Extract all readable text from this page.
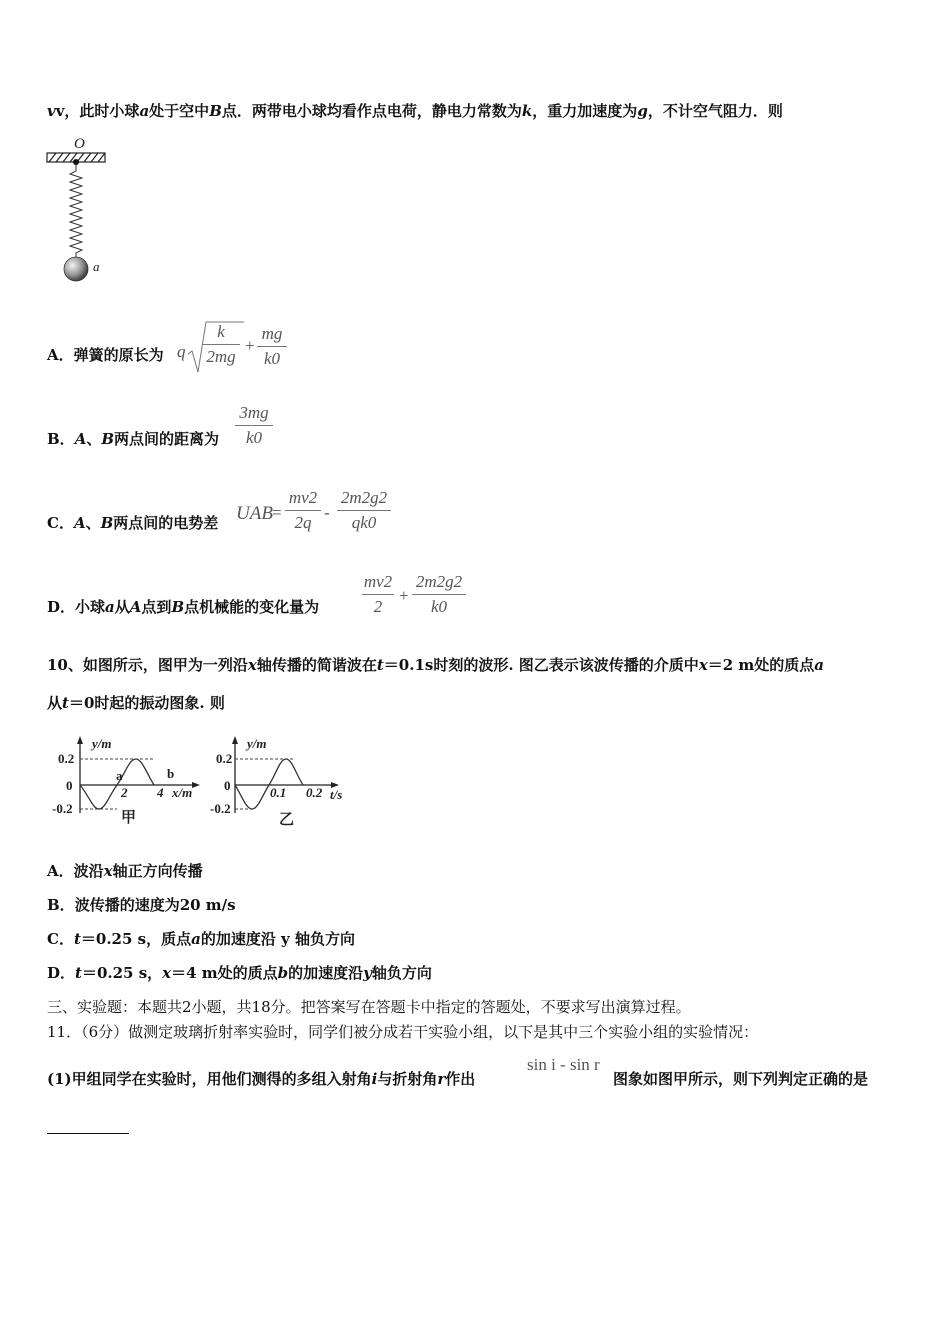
vv，此时小球a处于空中B点．两带电小球均看作点电荷，静电力常数为k，重力加速度为g，不计空气阻力．则
O
a
A．弹簧的原长为 q
k
2mg
+
mg
k0
B．A、B两点间的距离为
3mg
k0
C．A、B两点间的电势差 UAB =
mv2
2q
-
2m2g2
qk0
D．小球a从A点到B点机械能的变化量为
mv2
2
+
2m2g2
k0
10、如图所示，图甲为一列沿x轴传播的简谐波在t＝0.1s时刻的波形. 图乙表示该波传播的介质中x＝2 m处的质点a
从t＝0时起的振动图象. 则
y/m
0.2
0
-0.2
a	b
2 4 x/m
甲
y/m
0.2
0
-0.2
0.1 0.2 t/s
乙
A．波沿x轴正方向传播
B．波传播的速度为20 m/s
C．t＝0.25 s，质点a的加速度沿 y 轴负方向
D．t＝0.25 s，x＝4 m处的质点b的加速度沿y轴负方向
三、实验题：本题共2小题，共18分。把答案写在答题卡中指定的答题处，不要求写出演算过程。
11．（6分）做测定玻璃折射率实验时，同学们被分成若干实验小组，以下是其中三个实验小组的实验情况：
(1)甲组同学在实验时，用他们测得的多组入射角i与折射角r作出
sin i - sin r
图象如图甲所示，则下列判定正确的是
